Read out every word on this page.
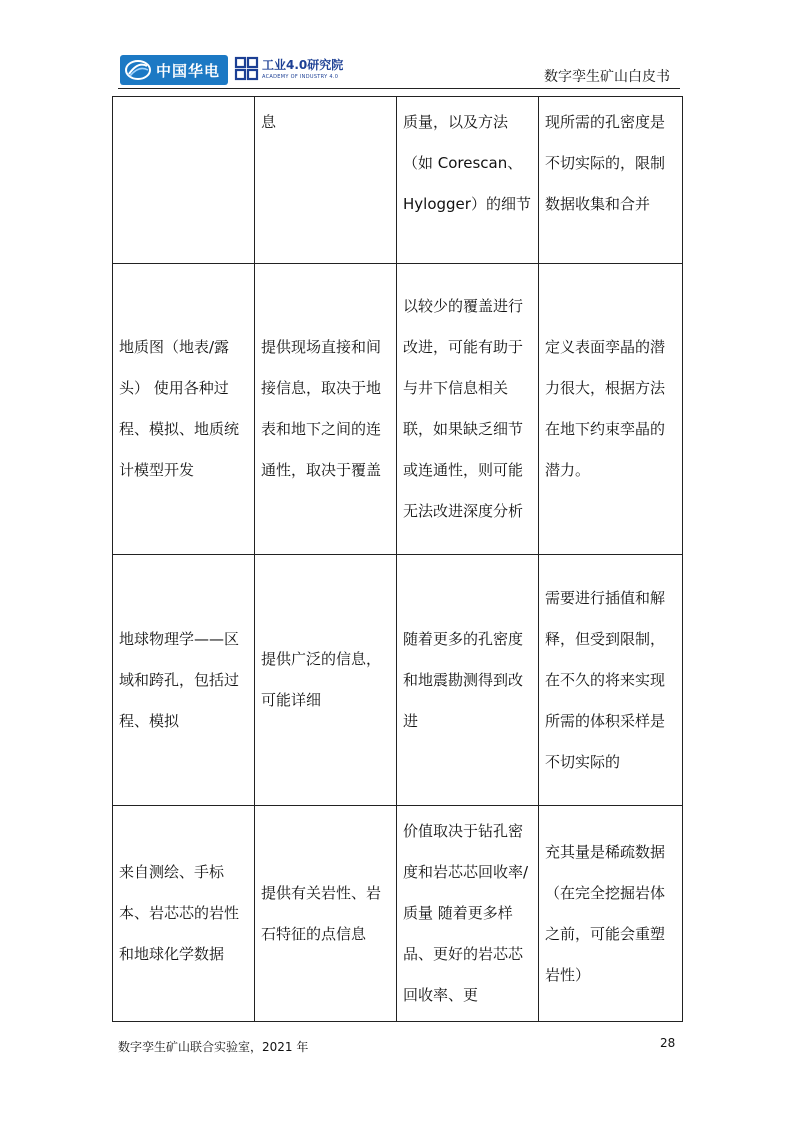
中国华电	工业4.0研究院
ACADEMY OF INDUSTRY 4.0	数字孪生矿山白皮书
	息	质量，以及方法（如 Corescan、Hylogger）的细节	现所需的孔密度是不切实际的，限制数据收集和合并
地质图（地表/露头） 使用各种过程、模拟、地质统计模型开发	提供现场直接和间接信息，取决于地表和地下之间的连通性，取决于覆盖	以较少的覆盖进行改进，可能有助于与井下信息相关联，如果缺乏细节或连通性，则可能无法改进深度分析	定义表面孪晶的潜力很大，根据方法在地下约束孪晶的潜力。
地球物理学——区域和跨孔，包括过程、模拟	提供广泛的信息，可能详细	随着更多的孔密度和地震勘测得到改进	需要进行插值和解释，但受到限制，在不久的将来实现所需的体积采样是不切实际的
来自测绘、手标本、岩芯芯的岩性和地球化学数据	提供有关岩性、岩石特征的点信息	价值取决于钻孔密度和岩芯芯回收率/质量 随着更多样品、更好的岩芯芯回收率、更	充其量是稀疏数据（在完全挖掘岩体之前，可能会重塑岩性）
数字孪生矿山联合实验室，2021 年	28
